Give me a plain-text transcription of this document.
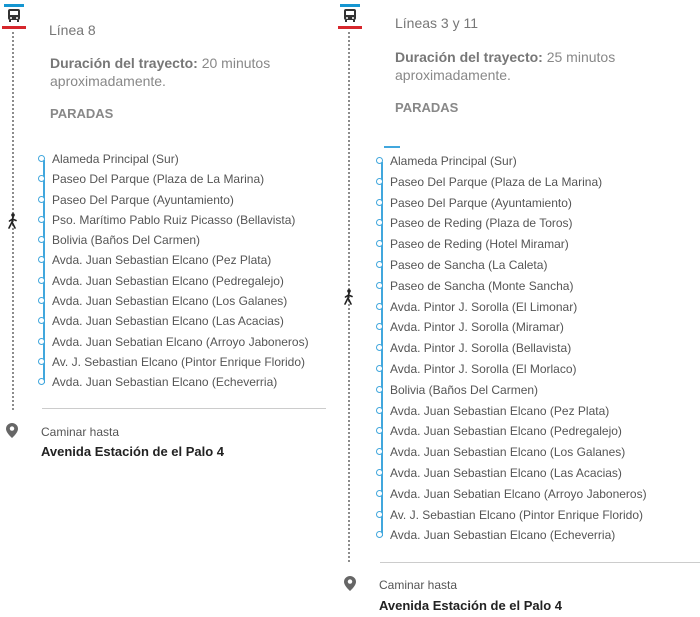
Línea 8
Duración del trayecto: 20 minutos aproximadamente.
PARADAS
Alameda Principal (Sur)
Paseo Del Parque (Plaza de La Marina)
Paseo Del Parque (Ayuntamiento)
Pso. Marítimo Pablo Ruiz Picasso (Bellavista)
Bolivia (Baños Del Carmen)
Avda. Juan Sebastian Elcano (Pez Plata)
Avda. Juan Sebastian Elcano (Pedregalejo)
Avda. Juan Sebastian Elcano (Los Galanes)
Avda. Juan Sebastian Elcano (Las Acacias)
Avda. Juan Sebatian Elcano (Arroyo Jaboneros)
Av. J. Sebastian Elcano (Pintor Enrique Florido)
Avda. Juan Sebastian Elcano (Echeverria)
Caminar hasta
Avenida Estación de el Palo 4
Líneas 3 y 11
Duración del trayecto: 25 minutos aproximadamente.
PARADAS
Alameda Principal (Sur)
Paseo Del Parque (Plaza de La Marina)
Paseo Del Parque (Ayuntamiento)
Paseo de Reding (Plaza de Toros)
Paseo de Reding (Hotel Miramar)
Paseo de Sancha (La Caleta)
Paseo de Sancha (Monte Sancha)
Avda. Pintor J. Sorolla (El Limonar)
Avda. Pintor J. Sorolla (Miramar)
Avda. Pintor J. Sorolla (Bellavista)
Avda. Pintor J. Sorolla (El Morlaco)
Bolivia (Baños Del Carmen)
Avda. Juan Sebastian Elcano (Pez Plata)
Avda. Juan Sebastian Elcano (Pedregalejo)
Avda. Juan Sebastian Elcano (Los Galanes)
Avda. Juan Sebastian Elcano (Las Acacias)
Avda. Juan Sebatian Elcano (Arroyo Jaboneros)
Av. J. Sebastian Elcano (Pintor Enrique Florido)
Avda. Juan Sebastian Elcano (Echeverria)
Caminar hasta
Avenida Estación de el Palo 4
